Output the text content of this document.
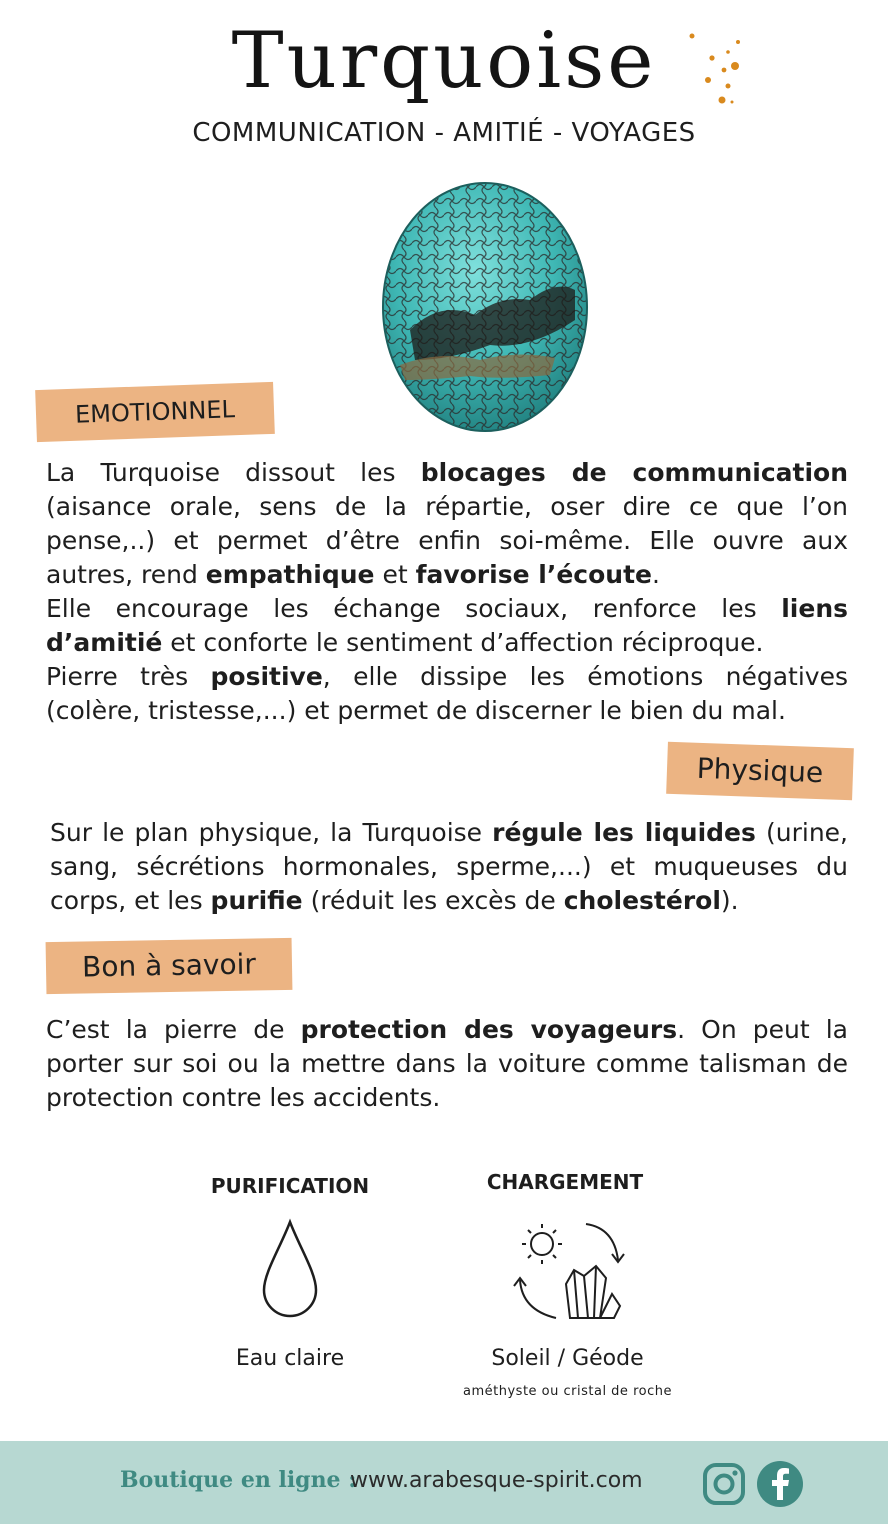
Turquoise
COMMUNICATION - AMITIÉ - VOYAGES
EMOTIONNEL

La Turquoise dissout les blocages de communication (aisance orale, sens de la répartie, oser dire ce que l’on pense,..) et permet d’être enfin soi-même. Elle ouvre aux autres, rend empathique et favorise l’écoute.
Elle encourage les échange sociaux, renforce les liens d’amitié et conforte le sentiment d’affection réciproque.
Pierre très positive, elle dissipe les émotions négatives (colère, tristesse,...) et permet de discerner le bien du mal.

Physique

Sur le plan physique, la Turquoise régule les liquides (urine, sang, sécrétions hormonales, sperme,...) et muqueuses du corps, et les purifie (réduit les excès de cholestérol).

Bon à savoir

C’est la pierre de protection des voyageurs. On peut la porter sur soi ou la mettre dans la voiture comme talisman de protection contre les accidents.

PURIFICATION
Eau claire
CHARGEMENT
Soleil / Géode
améthyste ou cristal de roche
Boutique en ligne :
www.arabesque-spirit.com
